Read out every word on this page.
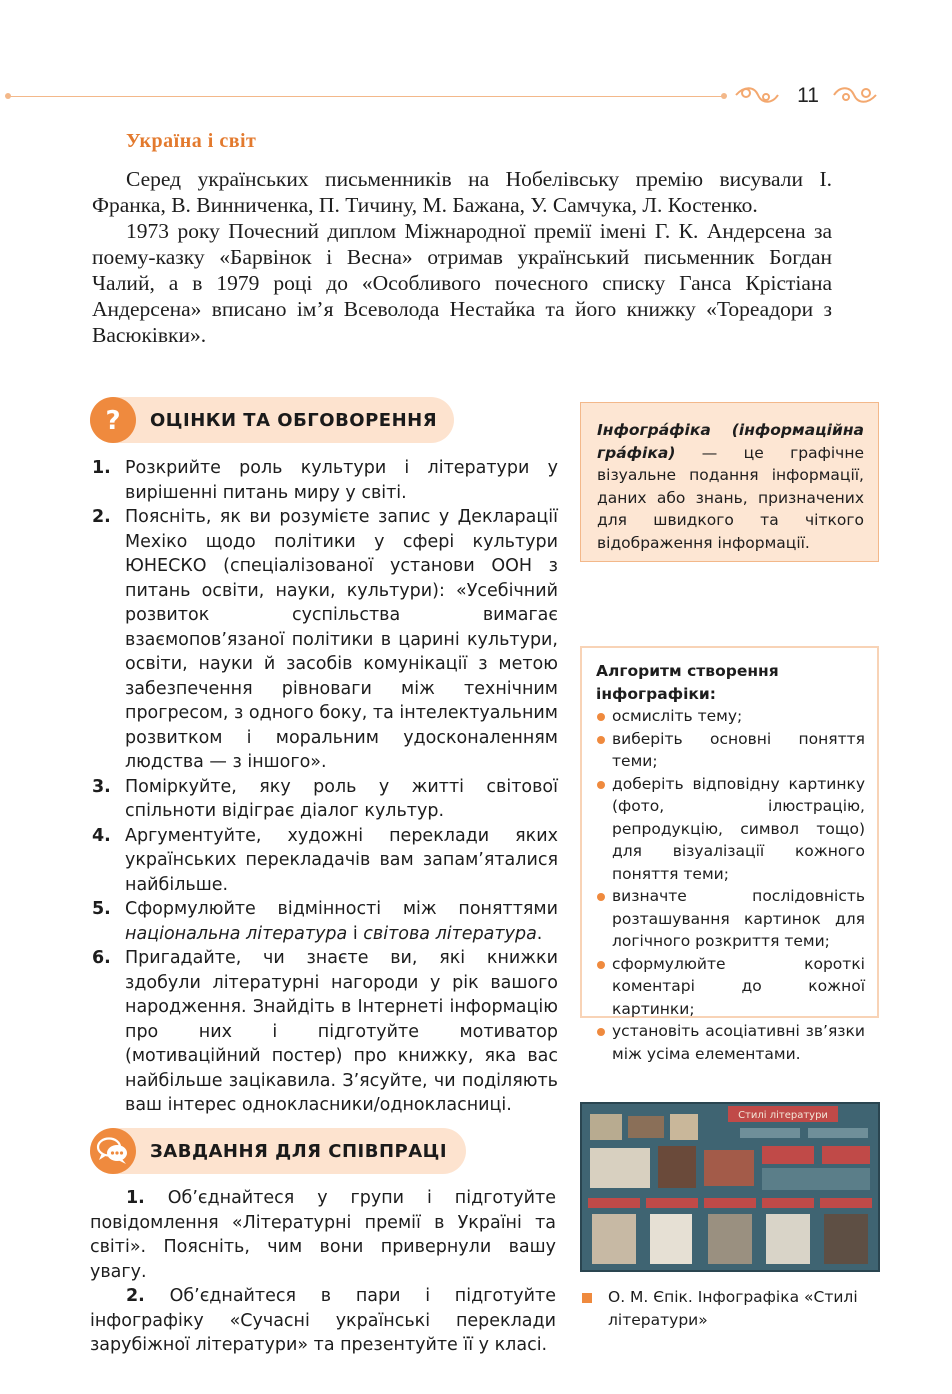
11
Україна і світ

Серед українських письменників на Нобелівську премію висували І. Франка, В. Винниченка, П. Тичину, М. Бажана, У. Самчука, Л. Костенко.

1973 року Почесний диплом Міжнародної премії імені Г. К. Андерсена за поему-казку «Барвінок і Весна» отримав український письменник Богдан Чалий, а в 1979 році до «Особливого почесного списку Ганса Крістіана Андерсена» вписано ім’я Всеволода Нестайка та його книжку «Тореадори з Васюківки».

? ОЦІНКИ ТА ОБГОВОРЕННЯ
1. Розкрийте роль культури і літератури у вирішенні питань миру у світі.
2. Поясніть, як ви розумієте запис у Декларації Мехіко щодо політики у сфері культури ЮНЕСКО (спеціалізованої установи ООН з питань освіти, науки, культури): «Усебічний розвиток суспільства вимагає взаємопов’язаної політики в царині культури, освіти, науки й засобів комунікації з метою забезпечення рівноваги між технічним прогресом, з одного боку, та інтелектуальним розвитком і моральним удосконаленням людства — з іншого».
3. Поміркуйте, яку роль у житті світової спільноти відіграє діалог культур.
4. Аргументуйте, художні переклади яких українських перекладачів вам запам’яталися найбільше.
5. Сформулюйте відмінності між поняттями національна література і світова література.
6. Пригадайте, чи знаєте ви, які книжки здобули літературні нагороди у рік вашого народження. Знайдіть в Інтернеті інформацію про них і підготуйте мотиватор (мотиваційний постер) про книжку, яка вас найбільше зацікавила. З’ясуйте, чи поділяють ваш інтерес однокласники/однокласниці.
ЗАВДАННЯ ДЛЯ СПІВПРАЦІ

1. Об’єднайтеся у групи і підготуйте повідомлення «Літературні премії в Україні та світі». Поясніть, чим вони привернули вашу увагу.

2. Об’єднайтеся в пари і підготуйте інфографіку «Сучасні українські переклади зарубіжної літератури» та презентуйте її у класі.

Інфогра́фіка (інформаційна гра́фіка) — це графічне візуальне подання інформації, даних або знань, призначених для швидкого та чіткого відображення інформації.
Алгоритм створення інфографіки:
осмисліть тему;
виберіть основні поняття теми;
доберіть відповідну картинку (фото, ілюстрацію, репродукцію, символ тощо) для візуалізації кожного поняття теми;
визначте послідовність розташування картинок для логічного розкриття теми;
сформулюйте короткі коментарі до кожної картинки;
установіть асоціативні зв’язки між усіма елементами.
Стилі літератури
О. М. Єпік. Інфографіка «Стилі літератури»
